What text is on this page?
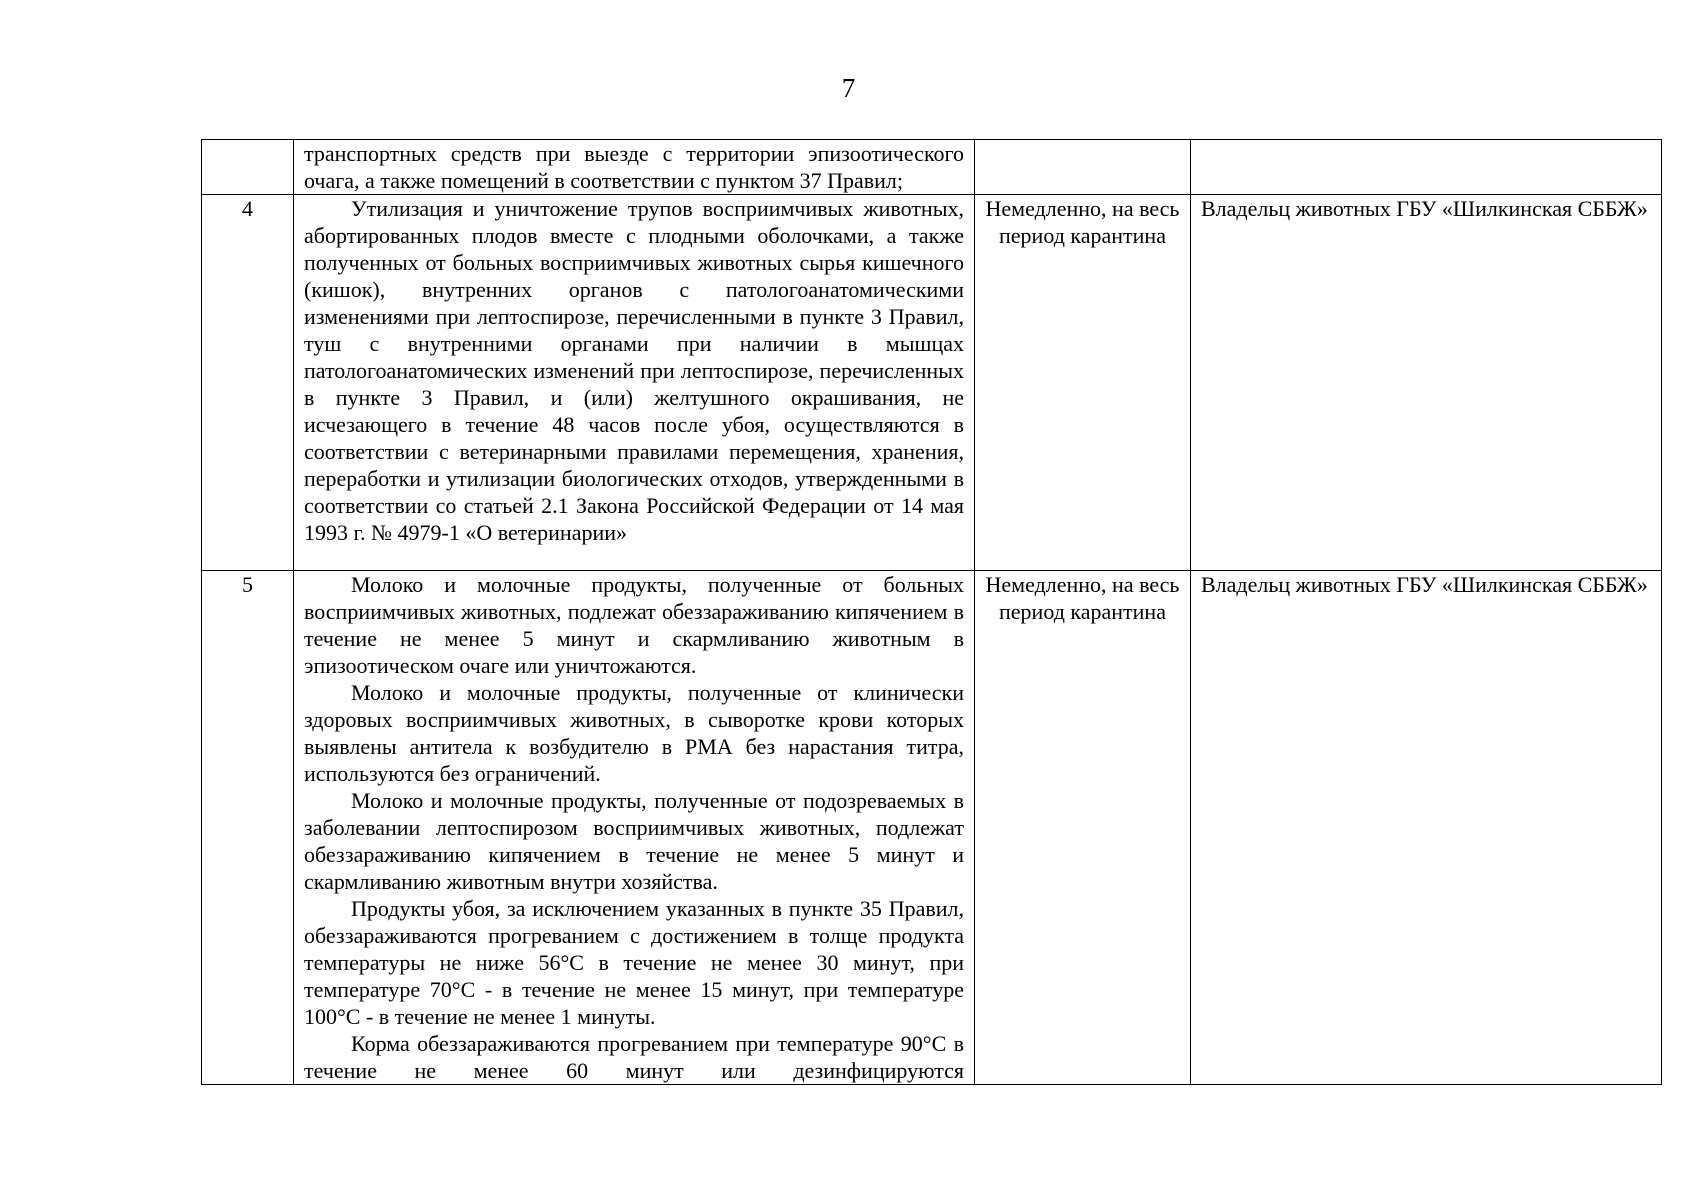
7

	транспортных средств при выезде с территории эпизоотического очага, а также помещений в соответствии с пунктом 37 Правил;		

4	Утилизация и уничтожение трупов восприимчивых животных, абортированных плодов вместе с плодными оболочками, а также полученных от больных восприимчивых животных сырья кишечного (кишок), внутренних органов с патологоанатомическими изменениями при лептоспирозе, перечисленными в пункте 3 Правил, туш с внутренними органами при наличии в мышцах патологоанатомических изменений при лептоспирозе, перечисленных в пункте 3 Правил, и (или) желтушного окрашивания, не исчезающего в течение 48 часов после убоя, осуществляются в соответствии с ветеринарными правилами перемещения, хранения, переработки и утилизации биологических отходов, утвержденными в соответствии со статьей 2.1 Закона Российской Федерации от 14 мая 1993 г. № 4979-1 «О ветеринарии»	Немедленно, на весь период карантина	Владельц животных ГБУ «Шилкинская СББЖ»
5	Молоко и молочные продукты, полученные от больных восприимчивых животных, подлежат обеззараживанию кипячением в течение не менее 5 минут и скармливанию животным в эпизоотическом очаге или уничтожаются.

Молоко и молочные продукты, полученные от клинически здоровых восприимчивых животных, в сыворотке крови которых выявлены антитела к возбудителю в РМА без нарастания титра, используются без ограничений.

Молоко и молочные продукты, полученные от подозреваемых в заболевании лептоспирозом восприимчивых животных, подлежат обеззараживанию кипячением в течение не менее 5 минут и скармливанию животным внутри хозяйства.

Продукты убоя, за исключением указанных в пункте 35 Правил, обеззараживаются прогреванием с достижением в толще продукта температуры не ниже 56°С в течение не менее 30 минут, при температуре 70°С - в течение не менее 15 минут, при температуре 100°С - в течение не менее 1 минуты.

Корма обеззараживаются прогреванием при температуре 90°С в течение не менее 60 минут или дезинфицируются	Немедленно, на весь период карантина	Владельц животных ГБУ «Шилкинская СББЖ»
